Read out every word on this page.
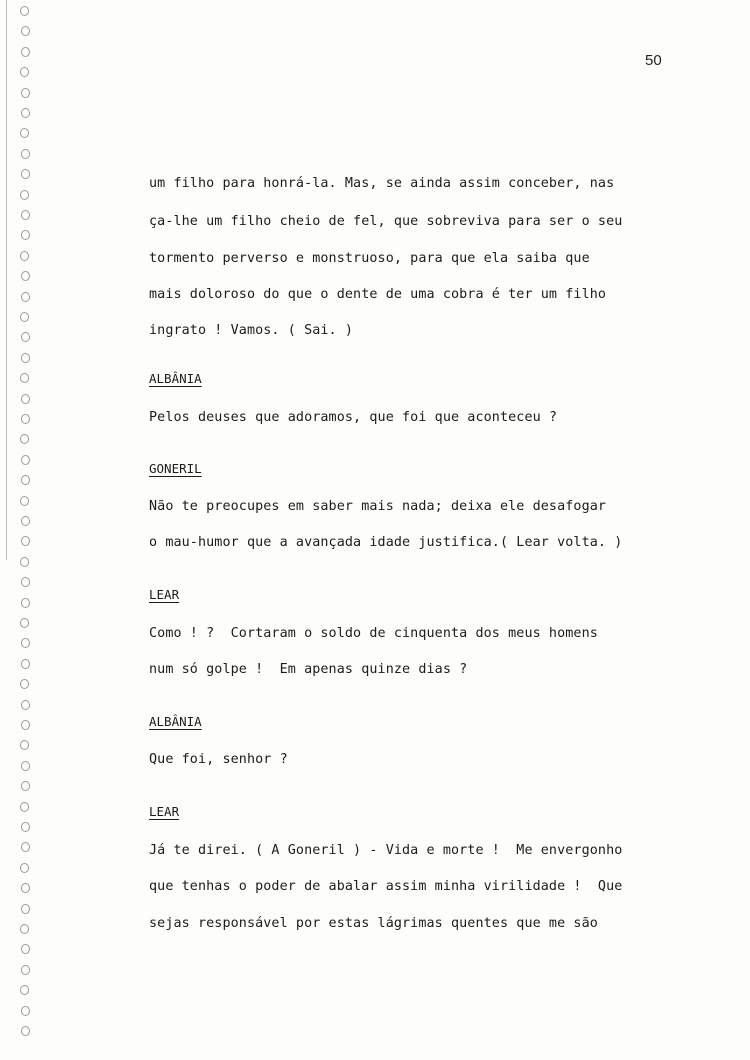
50
um filho para honrá-la. Mas, se ainda assim conceber, nas
ça-lhe um filho cheio de fel, que sobreviva para ser o seu
tormento perverso e monstruoso, para que ela saiba que
mais doloroso do que o dente de uma cobra é ter um filho
ingrato ! Vamos. ( Sai. )
ALBÂNIA
Pelos deuses que adoramos, que foi que aconteceu ?
GONERIL
Não te preocupes em saber mais nada; deixa ele desafogar
o mau-humor que a avançada idade justifica.( Lear volta. )
LEAR
Como ! ?  Cortaram o soldo de cinquenta dos meus homens
num só golpe !  Em apenas quinze dias ?
ALBÂNIA
Que foi, senhor ?
LEAR
Já te direi. ( A Goneril ) - Vida e morte !  Me envergonho
que tenhas o poder de abalar assim minha virilidade !  Que
sejas responsável por estas lágrimas quentes que me são
